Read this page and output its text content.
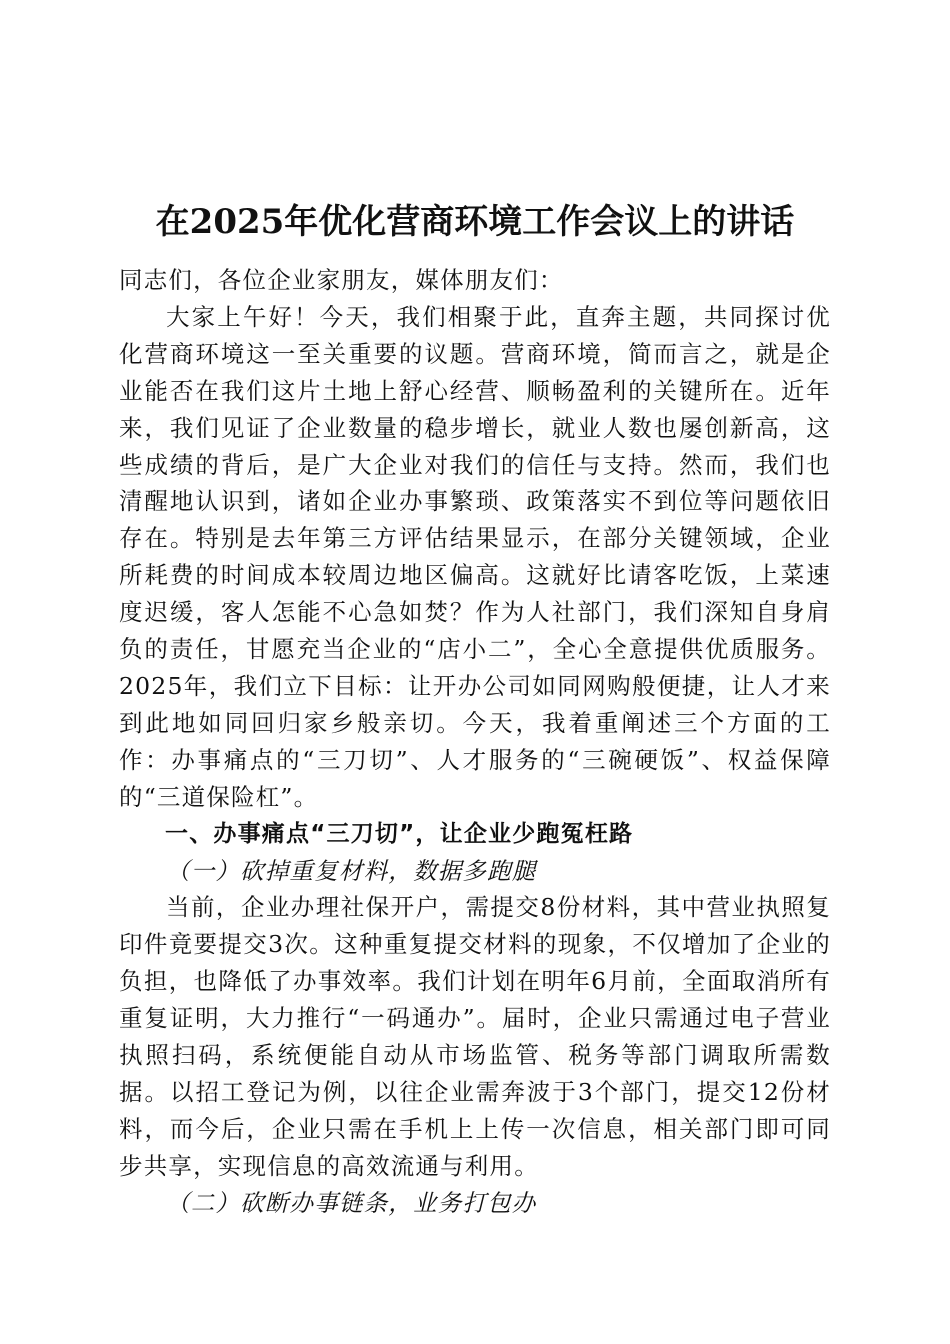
在2025年优化营商环境工作会议上的讲话

同志们，各位企业家朋友，媒体朋友们：

大家上午好！今天，我们相聚于此，直奔主题，共同探讨优化营商环境这一至关重要的议题。营商环境，简而言之，就是企业能否在我们这片土地上舒心经营、顺畅盈利的关键所在。近年来，我们见证了企业数量的稳步增长，就业人数也屡创新高，这些成绩的背后，是广大企业对我们的信任与支持。然而，我们也清醒地认识到，诸如企业办事繁琐、政策落实不到位等问题依旧存在。特别是去年第三方评估结果显示，在部分关键领域，企业所耗费的时间成本较周边地区偏高。这就好比请客吃饭，上菜速度迟缓，客人怎能不心急如焚？作为人社部门，我们深知自身肩负的责任，甘愿充当企业的“店小二”，全心全意提供优质服务。2025年，我们立下目标：让开办公司如同网购般便捷，让人才来到此地如同回归家乡般亲切。今天，我着重阐述三个方面的工作：办事痛点的“三刀切”、人才服务的“三碗硬饭”、权益保障的“三道保险杠”。

一、办事痛点“三刀切”，让企业少跑冤枉路

（一）砍掉重复材料，数据多跑腿

当前，企业办理社保开户，需提交8份材料，其中营业执照复印件竟要提交3次。这种重复提交材料的现象，不仅增加了企业的负担，也降低了办事效率。我们计划在明年6月前，全面取消所有重复证明，大力推行“一码通办”。届时，企业只需通过电子营业执照扫码，系统便能自动从市场监管、税务等部门调取所需数据。以招工登记为例，以往企业需奔波于3个部门，提交12份材料，而今后，企业只需在手机上上传一次信息，相关部门即可同步共享，实现信息的高效流通与利用。

（二）砍断办事链条，业务打包办
